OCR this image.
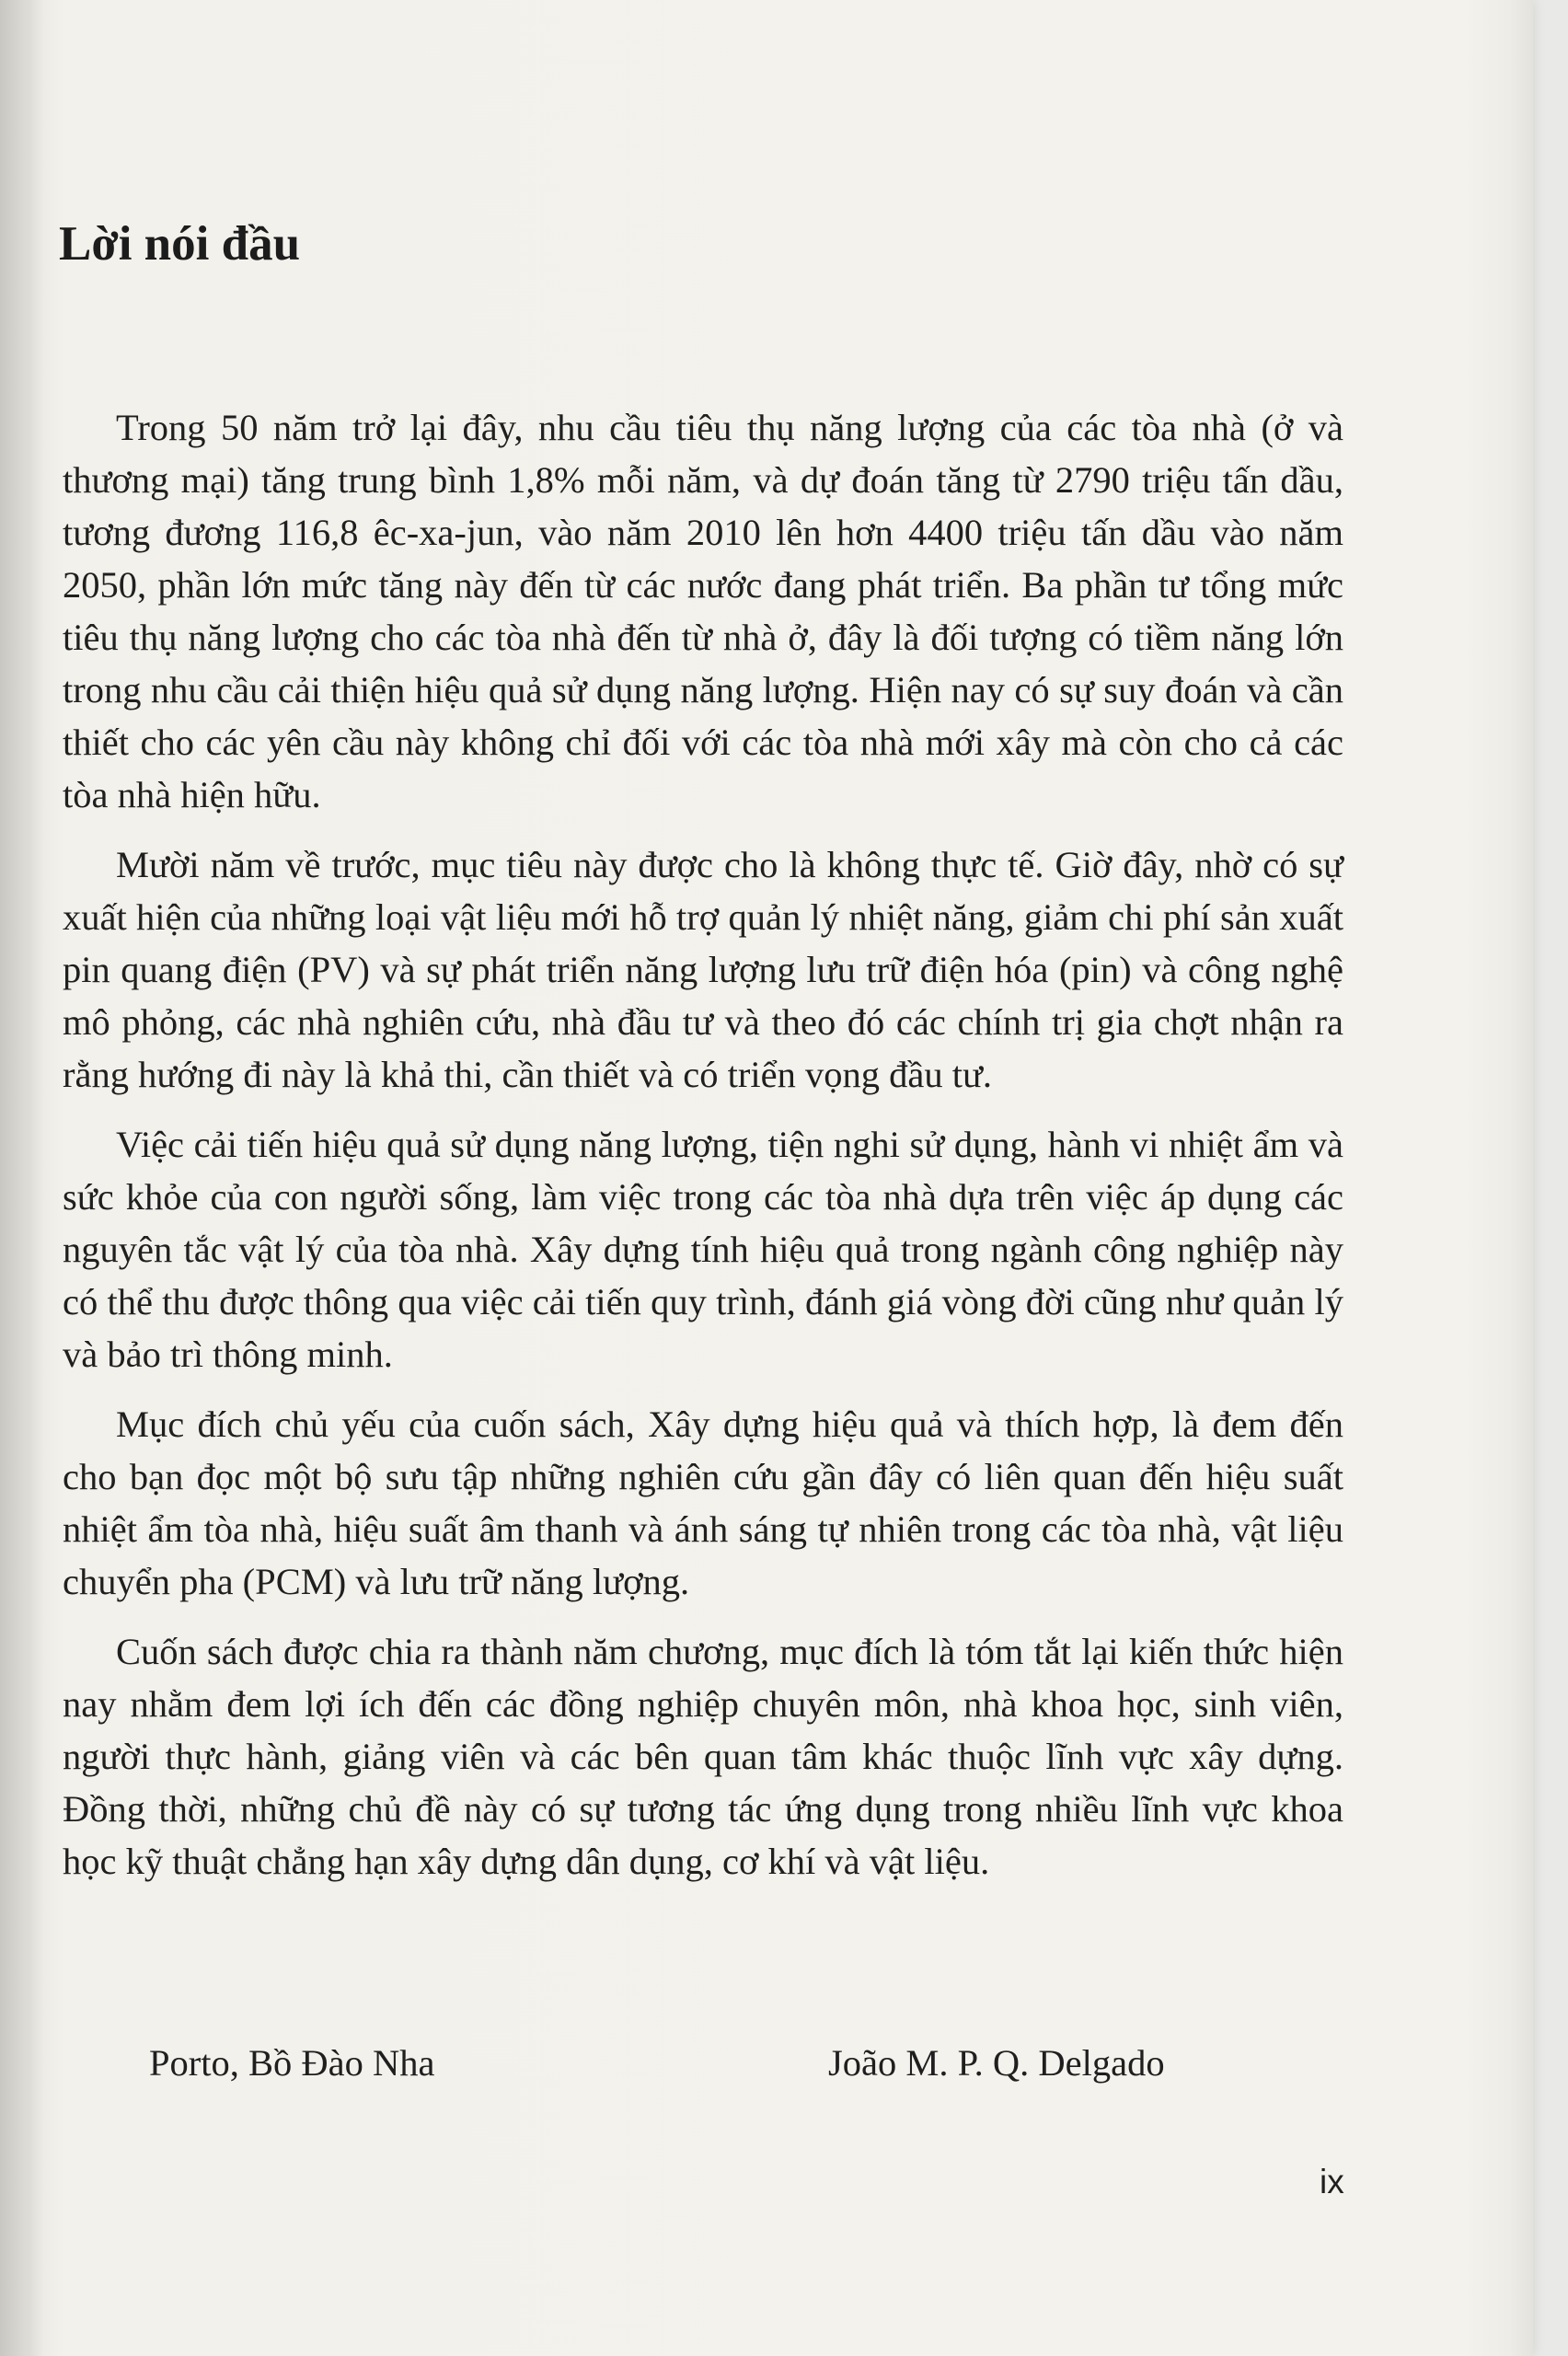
Lời nói đầu

Trong 50 năm trở lại đây, nhu cầu tiêu thụ năng lượng của các tòa nhà (ở và thương mại) tăng trung bình 1,8% mỗi năm, và dự đoán tăng từ 2790 triệu tấn dầu, tương đương 116,8 êc-xa-jun, vào năm 2010 lên hơn 4400 triệu tấn dầu vào năm 2050, phần lớn mức tăng này đến từ các nước đang phát triển. Ba phần tư tổng mức tiêu thụ năng lượng cho các tòa nhà đến từ nhà ở, đây là đối tượng có tiềm năng lớn trong nhu cầu cải thiện hiệu quả sử dụng năng lượng. Hiện nay có sự suy đoán và cần thiết cho các yên cầu này không chỉ đối với các tòa nhà mới xây mà còn cho cả các tòa nhà hiện hữu.

Mười năm về trước, mục tiêu này được cho là không thực tế. Giờ đây, nhờ có sự xuất hiện của những loại vật liệu mới hỗ trợ quản lý nhiệt năng, giảm chi phí sản xuất pin quang điện (PV) và sự phát triển năng lượng lưu trữ điện hóa (pin) và công nghệ mô phỏng, các nhà nghiên cứu, nhà đầu tư và theo đó các chính trị gia chợt nhận ra rằng hướng đi này là khả thi, cần thiết và có triển vọng đầu tư.

Việc cải tiến hiệu quả sử dụng năng lượng, tiện nghi sử dụng, hành vi nhiệt ẩm và sức khỏe của con người sống, làm việc trong các tòa nhà dựa trên việc áp dụng các nguyên tắc vật lý của tòa nhà. Xây dựng tính hiệu quả trong ngành công nghiệp này có thể thu được thông qua việc cải tiến quy trình, đánh giá vòng đời cũng như quản lý và bảo trì thông minh.

Mục đích chủ yếu của cuốn sách, Xây dựng hiệu quả và thích hợp, là đem đến cho bạn đọc một bộ sưu tập những nghiên cứu gần đây có liên quan đến hiệu suất nhiệt ẩm tòa nhà, hiệu suất âm thanh và ánh sáng tự nhiên trong các tòa nhà, vật liệu chuyển pha (PCM) và lưu trữ năng lượng.

Cuốn sách được chia ra thành năm chương, mục đích là tóm tắt lại kiến thức hiện nay nhằm đem lợi ích đến các đồng nghiệp chuyên môn, nhà khoa học, sinh viên, người thực hành, giảng viên và các bên quan tâm khác thuộc lĩnh vực xây dựng. Đồng thời, những chủ đề này có sự tương tác ứng dụng trong nhiều lĩnh vực khoa học kỹ thuật chẳng hạn xây dựng dân dụng, cơ khí và vật liệu.

Porto, Bồ Đào Nha	João M. P. Q. Delgado
ix
